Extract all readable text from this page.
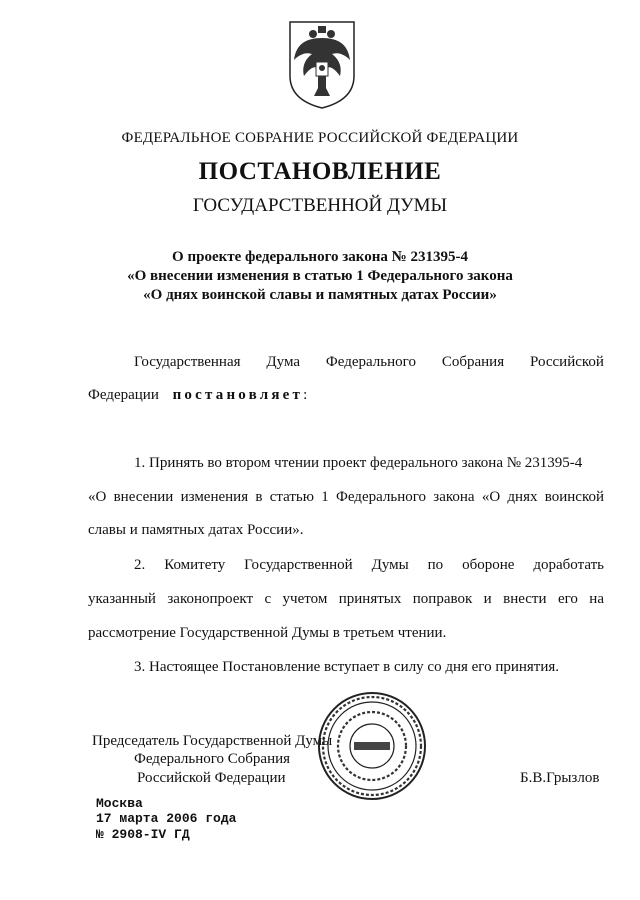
ФЕДЕРАЛЬНОЕ СОБРАНИЕ РОССИЙСКОЙ ФЕДЕРАЦИИ
ПОСТАНОВЛЕНИЕ
ГОСУДАРСТВЕННОЙ ДУМЫ
О проекте федерального закона № 231395-4
«О внесении изменения в статью 1 Федерального закона
«О днях воинской славы и памятных датах России»
Государственная Дума Федерального Собрания Российской
Федерации постановляет:
1. Принять во втором чтении проект федерального закона № 231395-4
«О внесении изменения в статью 1 Федерального закона «О днях воинской
славы и памятных датах России».
2. Комитету Государственной Думы по обороне доработать
указанный законопроект с учетом принятых поправок и внести его на
рассмотрение Государственной Думы в третьем чтении.
3. Настоящее Постановление вступает в силу со дня его принятия.
Председатель Государственной Думы
Федерального Собрания
Российской Федерации	Б.В.Грызлов
Москва
17 марта 2006 года
№ 2908-IV ГД
